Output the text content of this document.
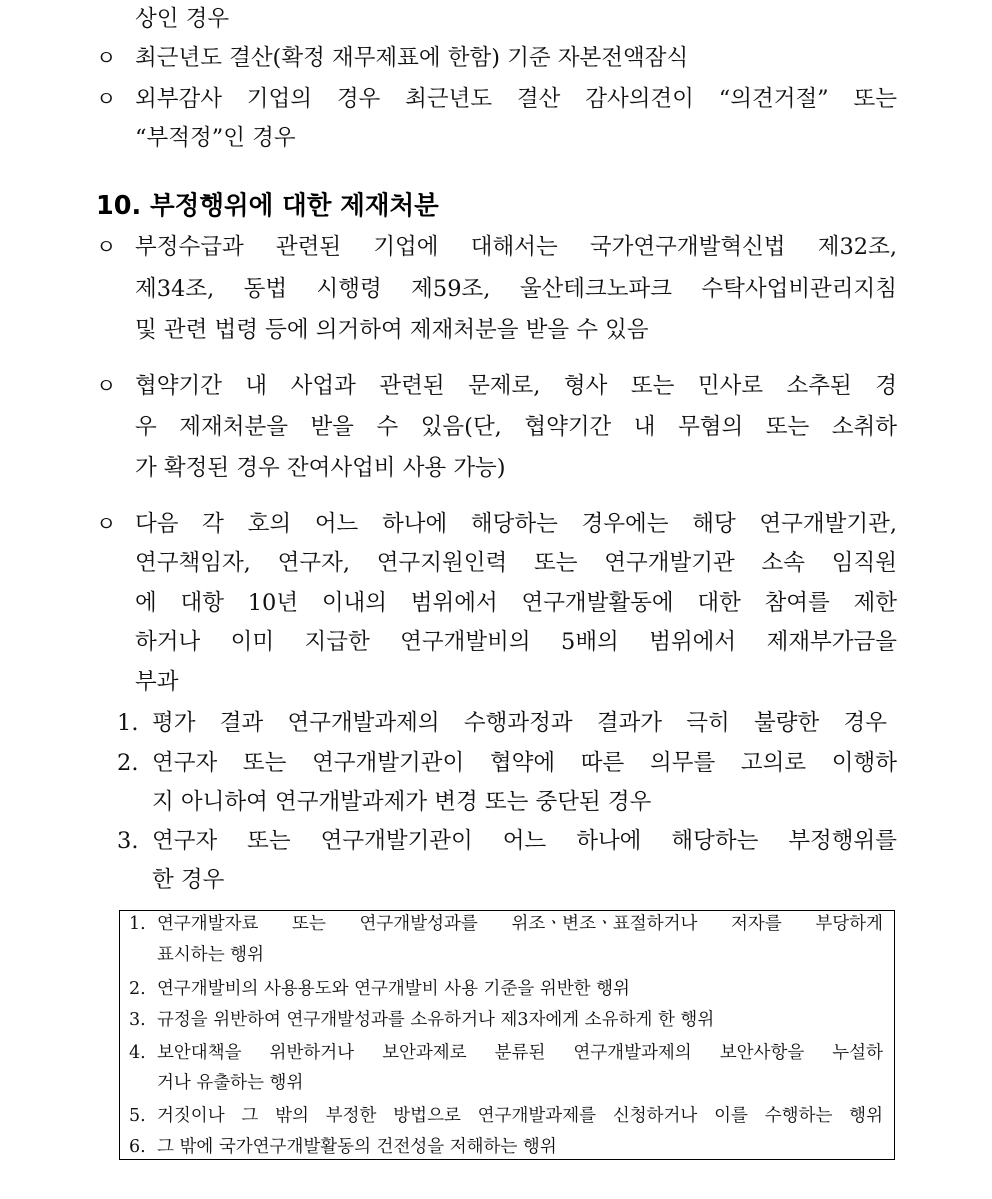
상인 경우
ㅇ 최근년도 결산(확정 재무제표에 한함) 기준 자본전액잠식
ㅇ 외부감사 기업의 경우 최근년도 결산 감사의견이 “의견거절” 또는
“부적정”인 경우
10. 부정행위에 대한 제재처분
ㅇ 부정수급과 관련된 기업에 대해서는 국가연구개발혁신법 제32조,
제34조, 동법 시행령 제59조, 울산테크노파크 수탁사업비관리지침
및 관련 법령 등에 의거하여 제재처분을 받을 수 있음
ㅇ 협약기간 내 사업과 관련된 문제로, 형사 또는 민사로 소추된 경
우 제재처분을 받을 수 있음(단, 협약기간 내 무혐의 또는 소취하
가 확정된 경우 잔여사업비 사용 가능)
ㅇ 다음 각 호의 어느 하나에 해당하는 경우에는 해당 연구개발기관,
연구책임자, 연구자, 연구지원인력 또는 연구개발기관 소속 임직원
에 대항 10년 이내의 범위에서 연구개발활동에 대한 참여를 제한
하거나 이미 지급한 연구개발비의 5배의 범위에서 제재부가금을
부과
1. 평가 결과 연구개발과제의 수행과정과 결과가 극히 불량한 경우
2. 연구자 또는 연구개발기관이 협약에 따른 의무를 고의로 이행하
지 아니하여 연구개발과제가 변경 또는 중단된 경우
3. 연구자 또는 연구개발기관이 어느 하나에 해당하는 부정행위를
한 경우
1. 연구개발자료 또는 연구개발성과를 위조ㆍ변조ㆍ표절하거나 저자를 부당하게
표시하는 행위
2. 연구개발비의 사용용도와 연구개발비 사용 기준을 위반한 행위
3. 규정을 위반하여 연구개발성과를 소유하거나 제3자에게 소유하게 한 행위
4. 보안대책을 위반하거나 보안과제로 분류된 연구개발과제의 보안사항을 누설하
거나 유출하는 행위
5. 거짓이나 그 밖의 부정한 방법으로 연구개발과제를 신청하거나 이를 수행하는 행위
6. 그 밖에 국가연구개발활동의 건전성을 저해하는 행위
